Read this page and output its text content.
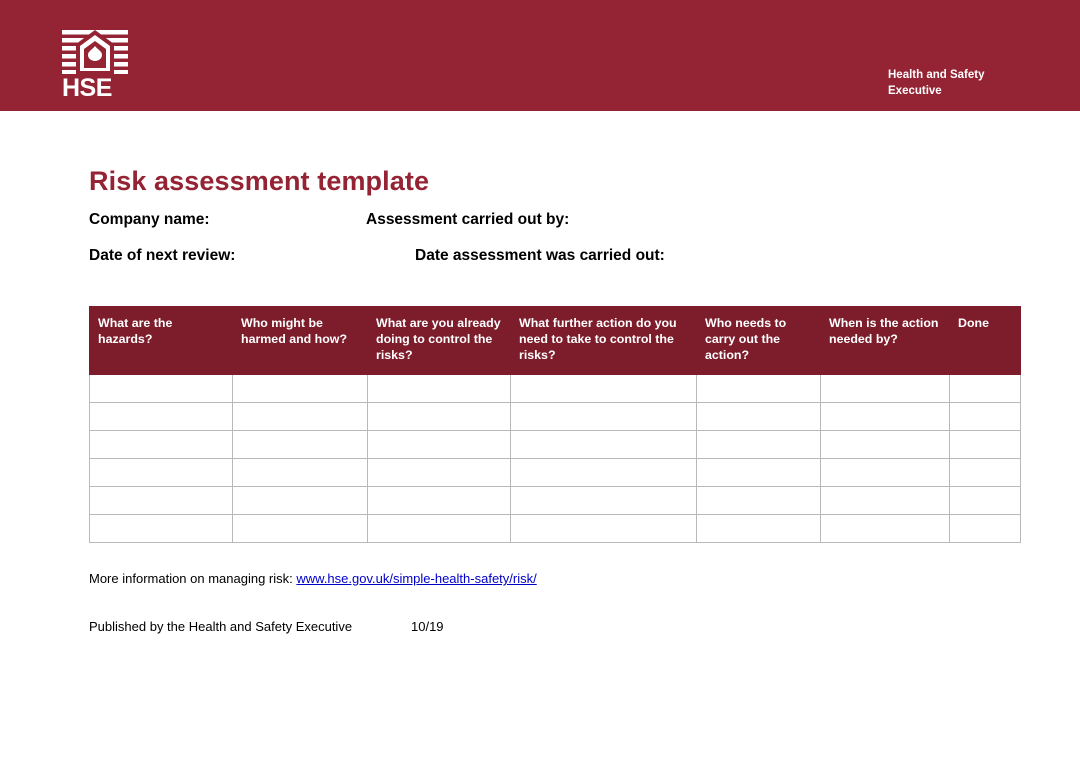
HSE	Health and Safety
Executive
Risk assessment template
Company name:	Assessment carried out by:
Date of next review:	Date assessment was carried out:
What are the hazards?	Who might be harmed and how?	What are you already doing to control the risks?	What further action do you need to take to control the risks?	Who needs to carry out the action?	When is the action needed by?	Done

More information on managing risk: www.hse.gov.uk/simple-health-safety/risk/
Published by the Health and Safety Executive	10/19
